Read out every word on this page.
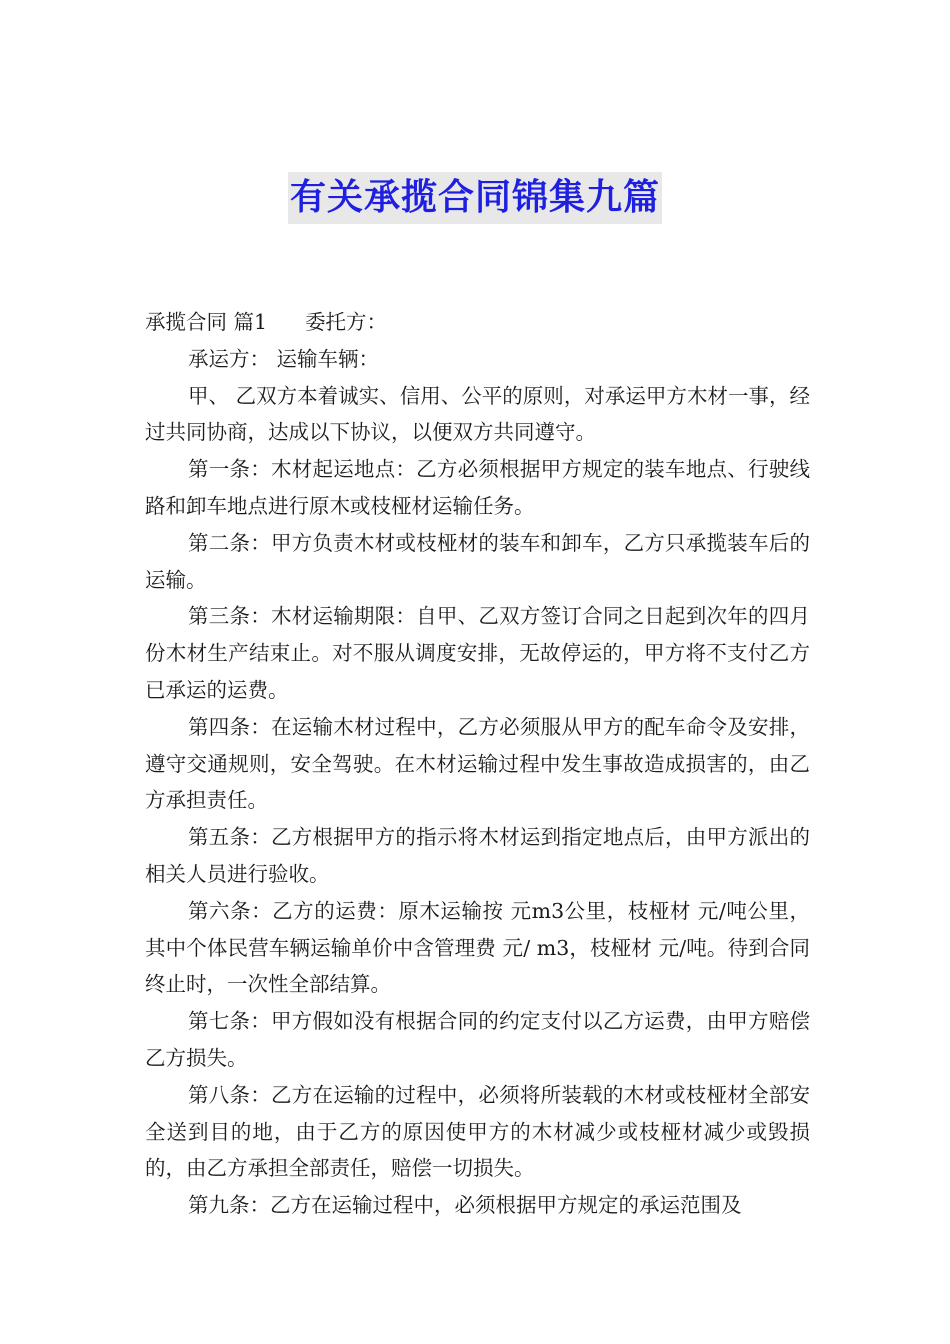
有关承揽合同锦集九篇

承揽合同 篇1 委托方：

承运方： 运输车辆：

甲、 乙双方本着诚实、信用、公平的原则，对承运甲方木材一事，经过共同协商，达成以下协议，以便双方共同遵守。

第一条：木材起运地点：乙方必须根据甲方规定的装车地点、行驶线路和卸车地点进行原木或枝桠材运输任务。

第二条：甲方负责木材或枝桠材的装车和卸车，乙方只承揽装车后的运输。

第三条：木材运输期限：自甲、乙双方签订合同之日起到次年的四月份木材生产结束止。对不服从调度安排，无故停运的，甲方将不支付乙方已承运的运费。

第四条：在运输木材过程中，乙方必须服从甲方的配车命令及安排，遵守交通规则，安全驾驶。在木材运输过程中发生事故造成损害的，由乙方承担责任。

第五条：乙方根据甲方的指示将木材运到指定地点后，由甲方派出的相关人员进行验收。

第六条：乙方的运费：原木运输按 元m3公里，枝桠材 元/吨公里，其中个体民营车辆运输单价中含管理费 元/ m3，枝桠材 元/吨。待到合同终止时，一次性全部结算。

第七条：甲方假如没有根据合同的约定支付以乙方运费，由甲方赔偿乙方损失。

第八条：乙方在运输的过程中，必须将所装载的木材或枝桠材全部安全送到目的地，由于乙方的原因使甲方的木材减少或枝桠材减少或毁损的，由乙方承担全部责任，赔偿一切损失。

第九条：乙方在运输过程中，必须根据甲方规定的承运范围及
